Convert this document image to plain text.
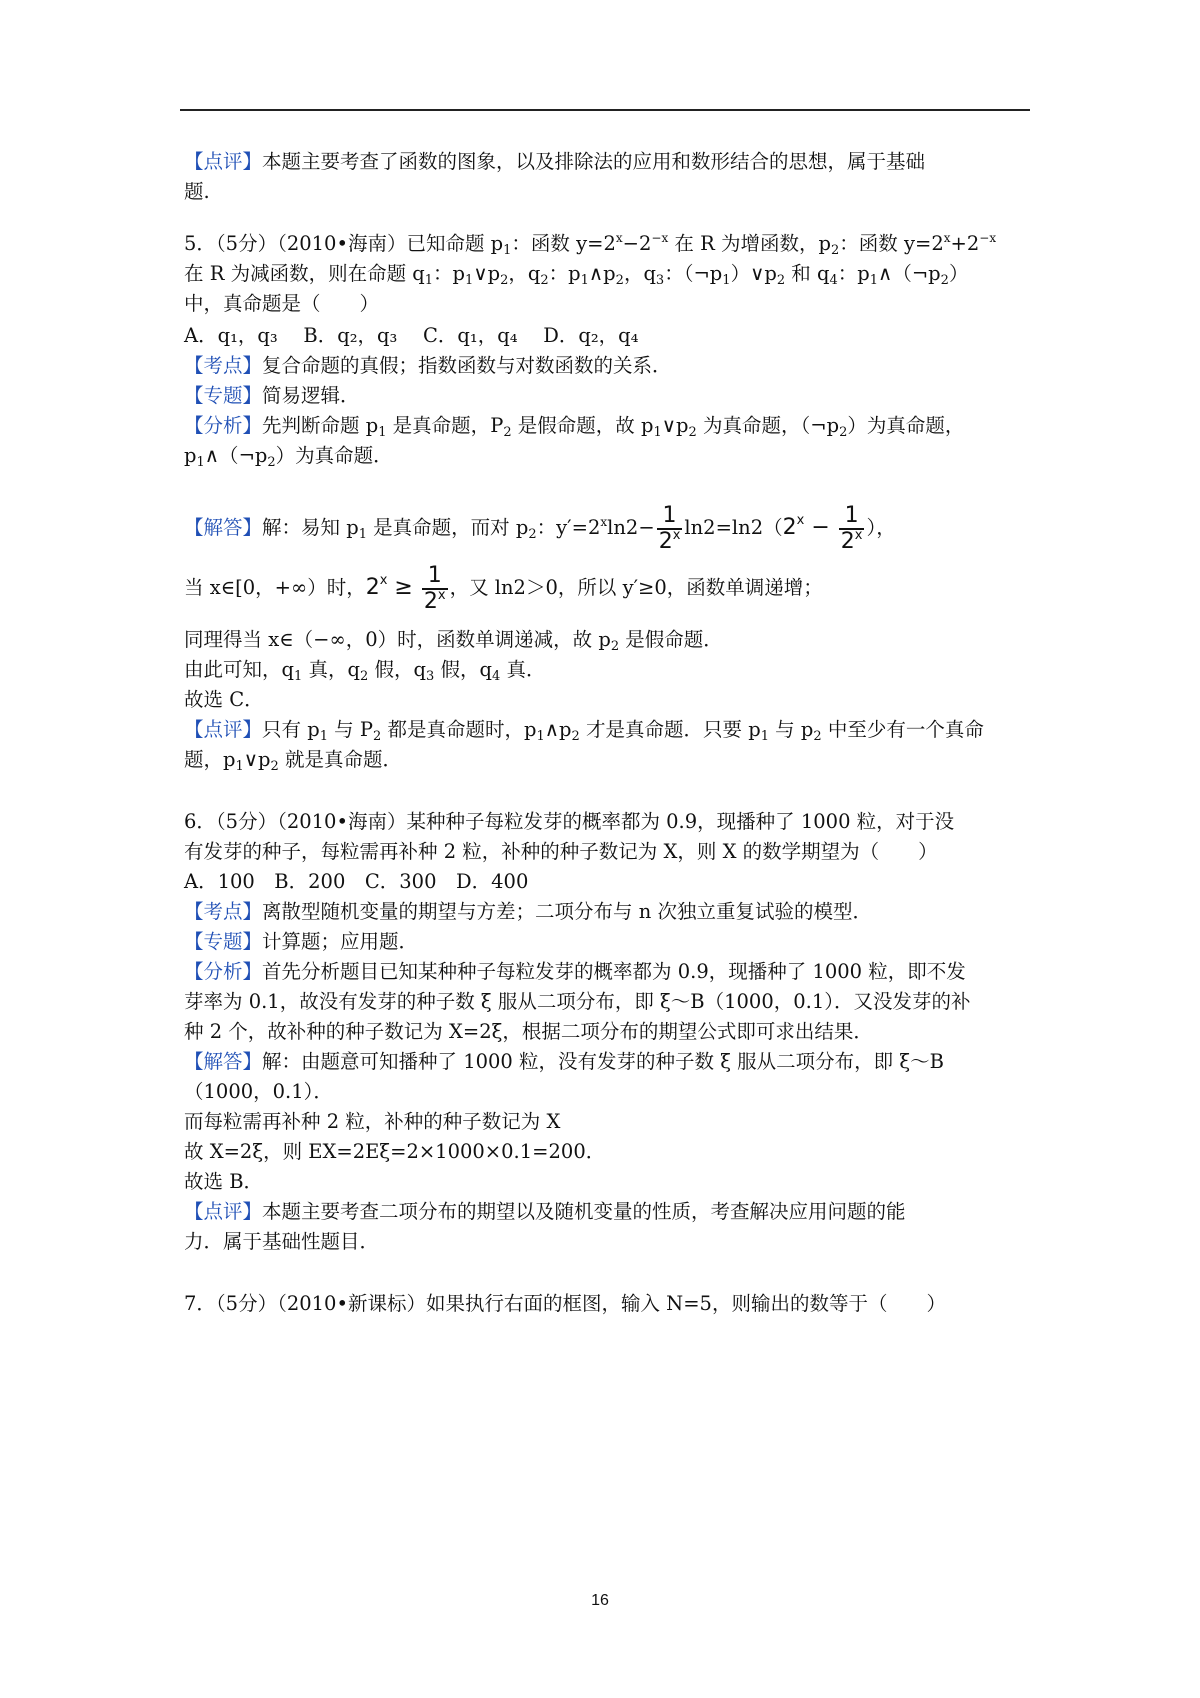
【点评】本题主要考查了函数的图象，以及排除法的应用和数形结合的思想，属于基础
题.
5．（5分）（2010•海南）已知命题 $p_1$：函数 $y=2^x-2^{-x}$ 在 R 为增函数，$p_2$：函数 $y=2^x+2^{-x}$
在 R 为减函数，则在命题 $q_1$：$p_1\vee p_2$，$q_2$：$p_1\wedge p_2$，$q_3$：$(\neg p_1)\vee p_2$ 和 $q_4$：$p_1\wedge(\neg p_2)$
中，真命题是（　　）
A．q₁，q₃　 B．q₂，q₃　 C．q₁，q₄　 D．q₂，q₄
【考点】复合命题的真假；指数函数与对数函数的关系．
【专题】简易逻辑．
【分析】先判断命题 $p_1$ 是真命题，$P_2$ 是假命题，故 $p_1\vee p_2$ 为真命题，$(\neg p_2)$为真命题，
$p_1\wedge(\neg p_2)$为真命题．
【解答】解：易知 $p_1$ 是真命题，而对 $p_2$：$y'=2^x\ln 2- \frac{1}{2^x} \ln 2=\ln 2(2^x - \frac{1}{2^x}$ ），
当 x∈[0，+∞）时，$2^x \ge \frac{1}{2^x}$ ，又 ln2＞0，所以 y′≥0，函数单调递增；
同理得当 x∈（−∞，0）时，函数单调递减，故 $p_2$ 是假命题．
由此可知，$q_1$ 真，$q_2$ 假，$q_3$ 假，$q_4$ 真．
故选 C．
【点评】只有 $p_1$ 与 $P_2$ 都是真命题时，$p_1\wedge p_2$ 才是真命题．只要 $p_1$ 与 $p_2$ 中至少有一个真命
题，$p_1\vee p_2$ 就是真命题．
6．（5分）（2010•海南）某种种子每粒发芽的概率都为 0.9，现播种了 1000 粒，对于没
有发芽的种子，每粒需再补种 2 粒，补种的种子数记为 X，则 X 的数学期望为（　　）
A．100　B．200　C．300　D．400
【考点】离散型随机变量的期望与方差；二项分布与 n 次独立重复试验的模型．
【专题】计算题；应用题．
【分析】首先分析题目已知某种种子每粒发芽的概率都为 0.9，现播种了 1000 粒，即不发
芽率为 0.1，故没有发芽的种子数 ξ 服从二项分布，即 ξ～B（1000，0.1）．又没发芽的补
种 2 个，故补种的种子数记为 X=2ξ，根据二项分布的期望公式即可求出结果．
【解答】解：由题意可知播种了 1000 粒，没有发芽的种子数 ξ 服从二项分布，即 ξ～B
（1000，0.1）．
而每粒需再补种 2 粒，补种的种子数记为 X
故 X=2ξ，则 EX=2Eξ=2×1000×0.1=200．
故选 B．
【点评】本题主要考查二项分布的期望以及随机变量的性质，考查解决应用问题的能
力．属于基础性题目．
7．（5分）（2010•新课标）如果执行右面的框图，输入 N=5，则输出的数等于（　　）
16
